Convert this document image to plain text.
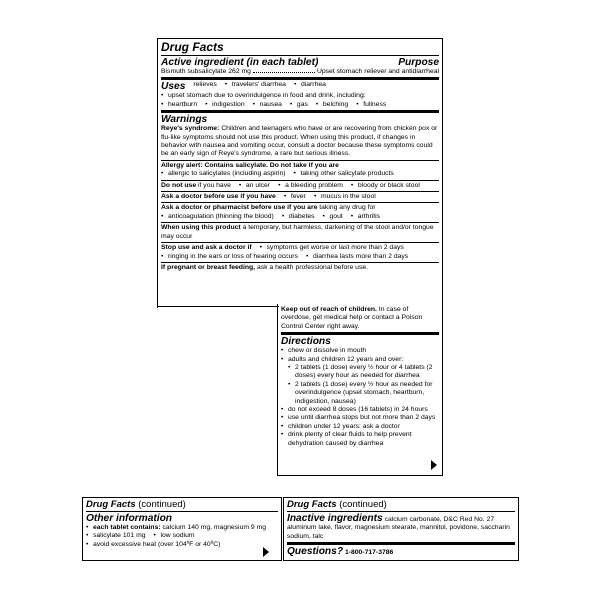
Drug Facts
Active ingredient (in each tablet)	Purpose
Bismuth subsalicylate 262 mg	Upset stomach reliever and antidiarrheal
Uses relieves	• travelers' diarrhea	• diarrhea
• upset stomach due to overindulgence in food and drink, including:
• heartburn	• indigestion	• nausea	• gas	• belching	• fullness
Warnings
Reye's syndrome: Children and teenagers who have or are recovering from chicken pox or flu-like symptoms should not use this product. When using this product, if changes in behavior with nausea and vomiting occur, consult a doctor because these symptoms could be an early sign of Reye's syndrome, a rare but serious illness.
Allergy alert: Contains salicylate. Do not take if you are
• allergic to salicylates (including aspirin)	• taking other salicylate products
Do not use if you have	• an ulcer	• a bleeding problem	• bloody or black stool
Ask a doctor before use if you have	• fever	• mucus in the stool
Ask a doctor or pharmacist before use if you are taking any drug for
• anticoagulation (thinning the blood)	• diabetes	• gout	• arthritis
When using this product a temporary, but harmless, darkening of the stool and/or tongue may occur
Stop use and ask a doctor if	• symptoms get worse or last more than 2 days
• ringing in the ears or loss of hearing occurs	• diarrhea lasts more than 2 days
If pregnant or breast feeding, ask a health professional before use.
Keep out of reach of children. In case of overdose, get medical help or contact a Poison Control Center right away.
Directions
• chew or dissolve in mouth
• adults and children 12 years and over:
• 2 tablets (1 dose) every ½ hour or 4 tablets (2 doses) every hour as needed for diarrhea
• 2 tablets (1 dose) every ½ hour as needed for overindulgence (upset stomach, heartburn, indigestion, nausea)
• do not exceed 8 doses (16 tablets) in 24 hours
• use until diarrhea stops but not more than 2 days
• children under 12 years: ask a doctor
• drink plenty of clear fluids to help prevent dehydration caused by diarrhea
Drug Facts (continued)
Other information
• each tablet contains: calcium 140 mg, magnesium 9 mg
• salicylate 101 mg	• low sodium
• avoid excessive heat (over 104ºF or 40ºC)
Drug Facts (continued)
Inactive ingredients calcium carbonate, D&C Red No. 27 aluminum lake, flavor, magnesium stearate, mannitol, povidone, saccharin sodium, talc
Questions? 1-800-717-3786
